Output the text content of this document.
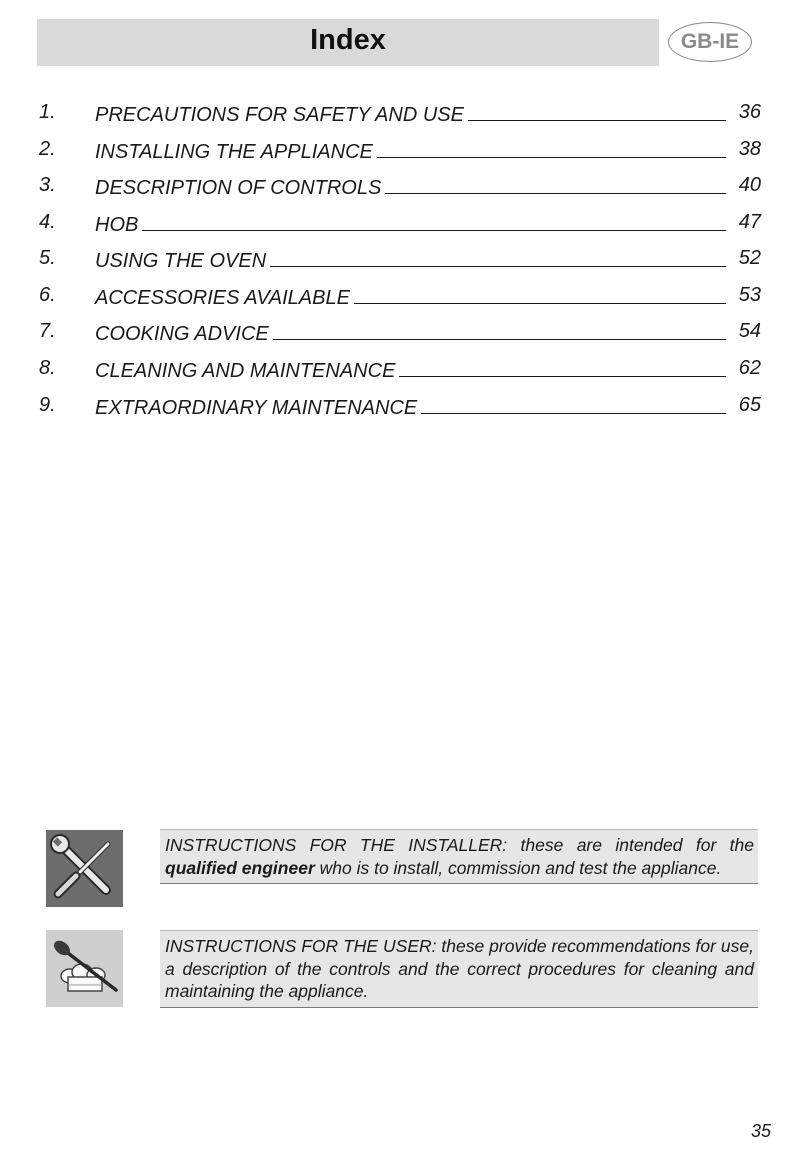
Index	GB-IE
1. PRECAUTIONS FOR SAFETY AND USE	36
2. INSTALLING THE APPLIANCE	38
3. DESCRIPTION OF CONTROLS	40
4. HOB	47
5. USING THE OVEN	52
6. ACCESSORIES AVAILABLE	53
7. COOKING ADVICE	54
8. CLEANING AND MAINTENANCE	62
9. EXTRAORDINARY MAINTENANCE	65
INSTRUCTIONS FOR THE INSTALLER: these are intended for the qualified engineer who is to install, commission and test the appliance.
INSTRUCTIONS FOR THE USER: these provide recommendations for use, a description of the controls and the correct procedures for cleaning and maintaining the appliance.
35
